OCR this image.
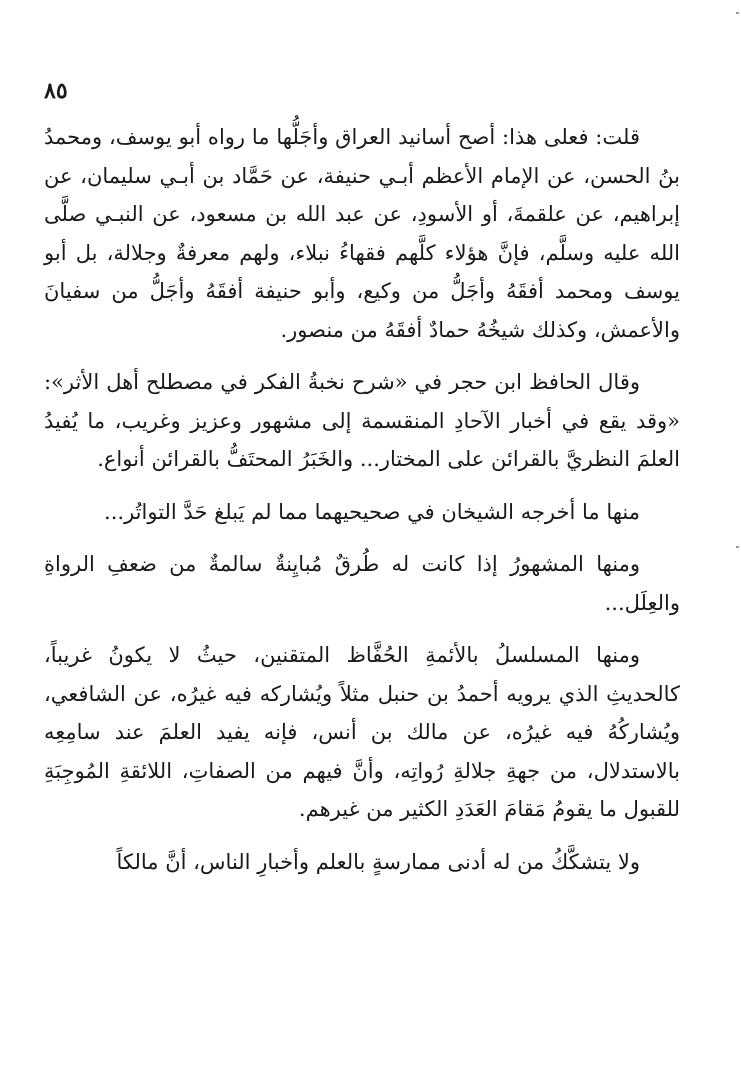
٨٥

قلت: فعلى هذا: أصح أسانيد العراق وأجَلُّها ما رواه أبو يوسف، ومحمدُ بنُ الحسن، عن الإمام الأعظم أبـي حنيفة، عن حَمَّاد بن أبـي سليمان، عن إبراهيم، عن علقمةَ، أو الأسودِ، عن عبد الله بن مسعود، عن النبـي صلَّى الله عليه وسلَّم، فإنَّ هؤلاء كلَّهم فقهاءُ نبلاء، ولهم معرفةٌ وجلالة، بل أبو يوسف ومحمد أفقَهُ وأجَلُّ من وكيع، وأبو حنيفة أفقَهُ وأجَلُّ من سفيانَ والأعمش، وكذلك شيخُهُ حمادٌ أفقَهُ من منصور.

وقال الحافظ ابن حجر في «شرح نخبةُ الفكر في مصطلح أهل الأثر»: «وقد يقع في أخبار الآحادِ المنقسمة إلى مشهور وعزيز وغريب، ما يُفيدُ العلمَ النظريَّ بالقرائن على المختار... والخَبَرُ المحتَفُّ بالقرائن أنواع.

منها ما أخرجه الشيخان في صحيحيهما مما لم يَبلغ حَدَّ التواتُر...

ومنها المشهورُ إذا كانت له طُرقٌ مُبايِنةٌ سالمةٌ من ضعفِ الرواةِ والعِلَل...

ومنها المسلسلُ بالأئمةِ الحُفَّاظ المتقنين، حيثُ لا يكونُ غريباً، كالحديثِ الذي يرويه أحمدُ بن حنبل مثلاً ويُشاركه فيه غيرُه، عن الشافعي، ويُشاركُهُ فيه غيرُه، عن مالك بن أنس، فإنه يفيد العلمَ عند سامِعِه بالاستدلال، من جهةِ جلالةِ رُواتِه، وأنَّ فيهم من الصفاتِ، اللائقةِ المُوجِبَةِ للقبول ما يقومُ مَقامَ العَدَدِ الكثير من غيرهم.

ولا يتشكَّكُ من له أدنى ممارسةٍ بالعلم وأخبارِ الناس، أنَّ مالكاً
